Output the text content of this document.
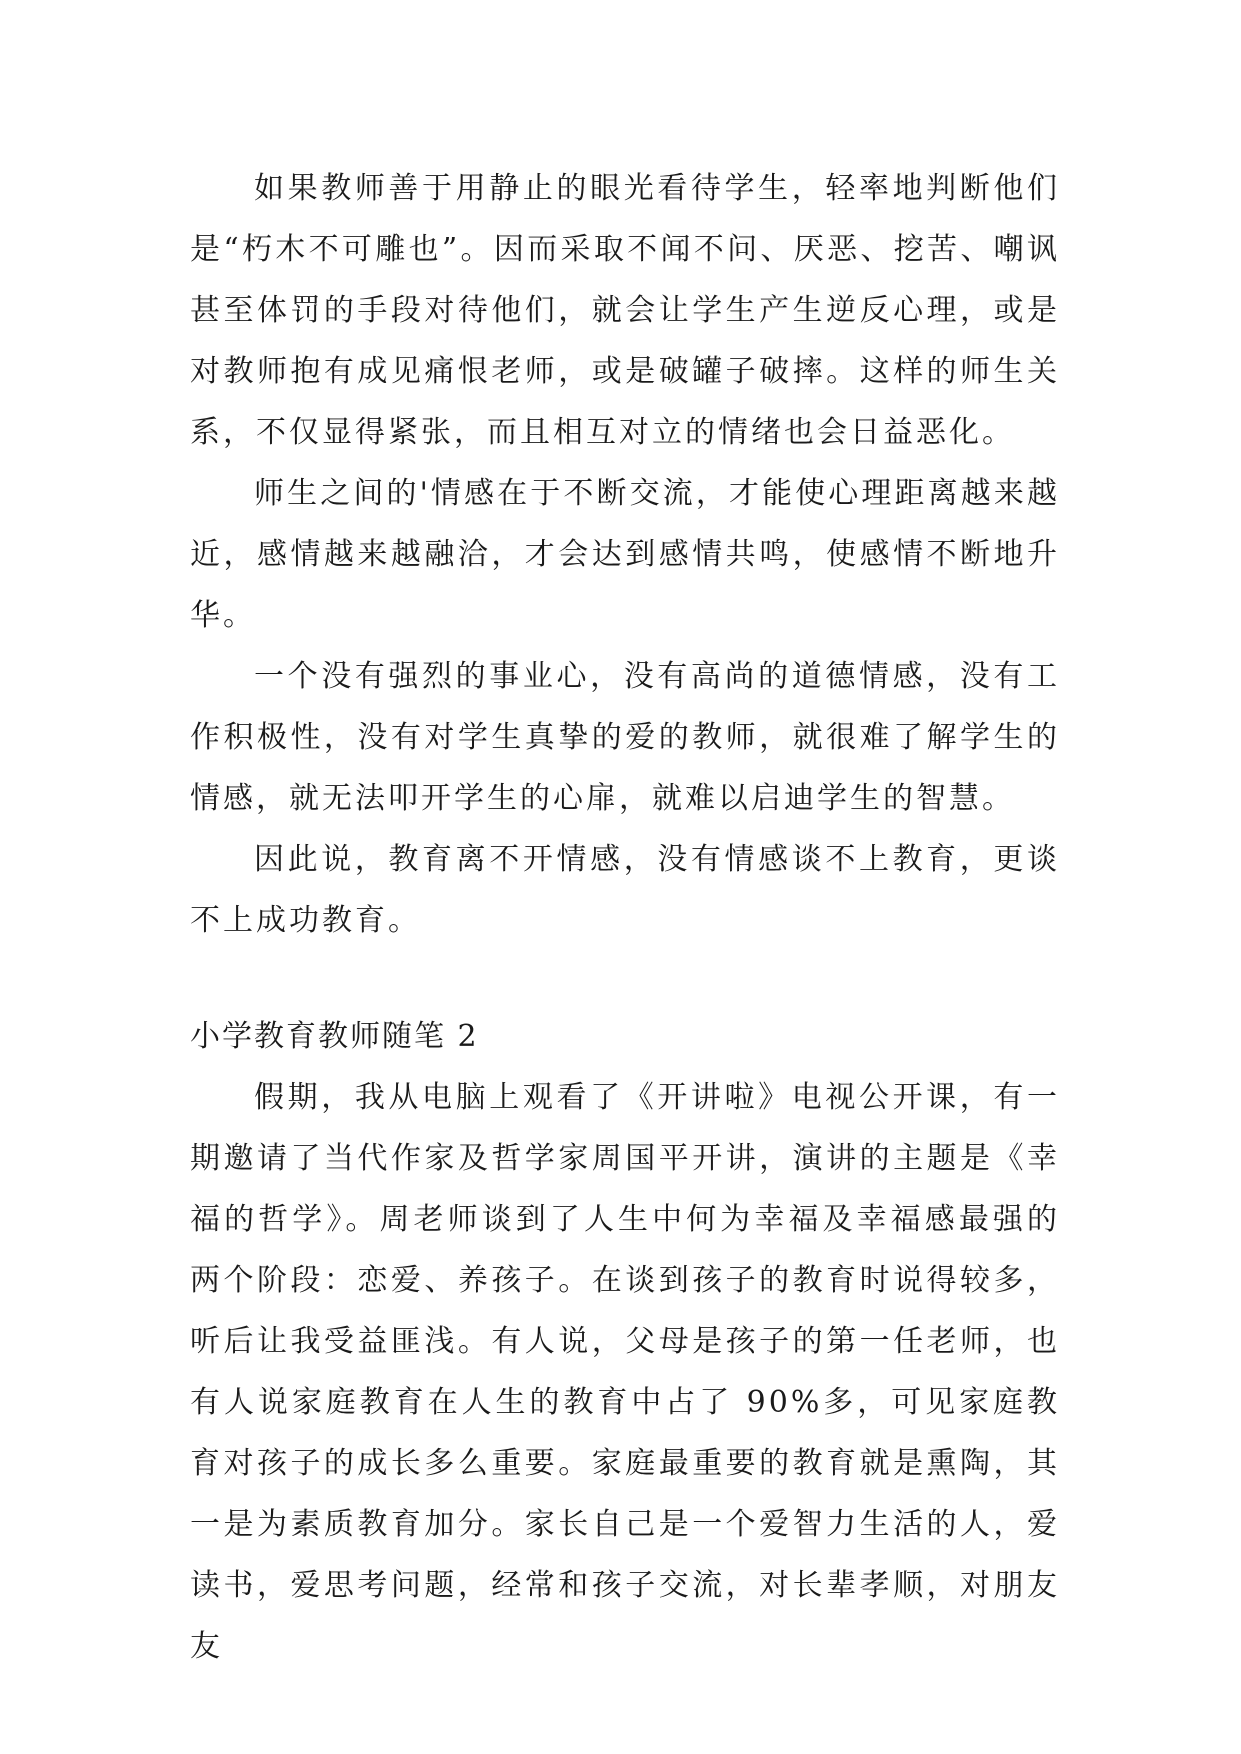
如果教师善于用静止的眼光看待学生，轻率地判断他们是“朽木不可雕也”。因而采取不闻不问、厌恶、挖苦、嘲讽甚至体罚的手段对待他们，就会让学生产生逆反心理，或是对教师抱有成见痛恨老师，或是破罐子破摔。这样的师生关系，不仅显得紧张，而且相互对立的情绪也会日益恶化。

师生之间的'情感在于不断交流，才能使心理距离越来越近，感情越来越融洽，才会达到感情共鸣，使感情不断地升华。

一个没有强烈的事业心，没有高尚的道德情感，没有工作积极性，没有对学生真挚的爱的教师，就很难了解学生的情感，就无法叩开学生的心扉，就难以启迪学生的智慧。

因此说，教育离不开情感，没有情感谈不上教育，更谈不上成功教育。

小学教育教师随笔 2

假期，我从电脑上观看了《开讲啦》电视公开课，有一期邀请了当代作家及哲学家周国平开讲，演讲的主题是《幸福的哲学》。周老师谈到了人生中何为幸福及幸福感最强的两个阶段：恋爱、养孩子。在谈到孩子的教育时说得较多，听后让我受益匪浅。有人说，父母是孩子的第一任老师，也有人说家庭教育在人生的教育中占了 90%多，可见家庭教育对孩子的成长多么重要。家庭最重要的教育就是熏陶，其一是为素质教育加分。家长自己是一个爱智力生活的人，爱读书，爱思考问题，经常和孩子交流，对长辈孝顺，对朋友友
